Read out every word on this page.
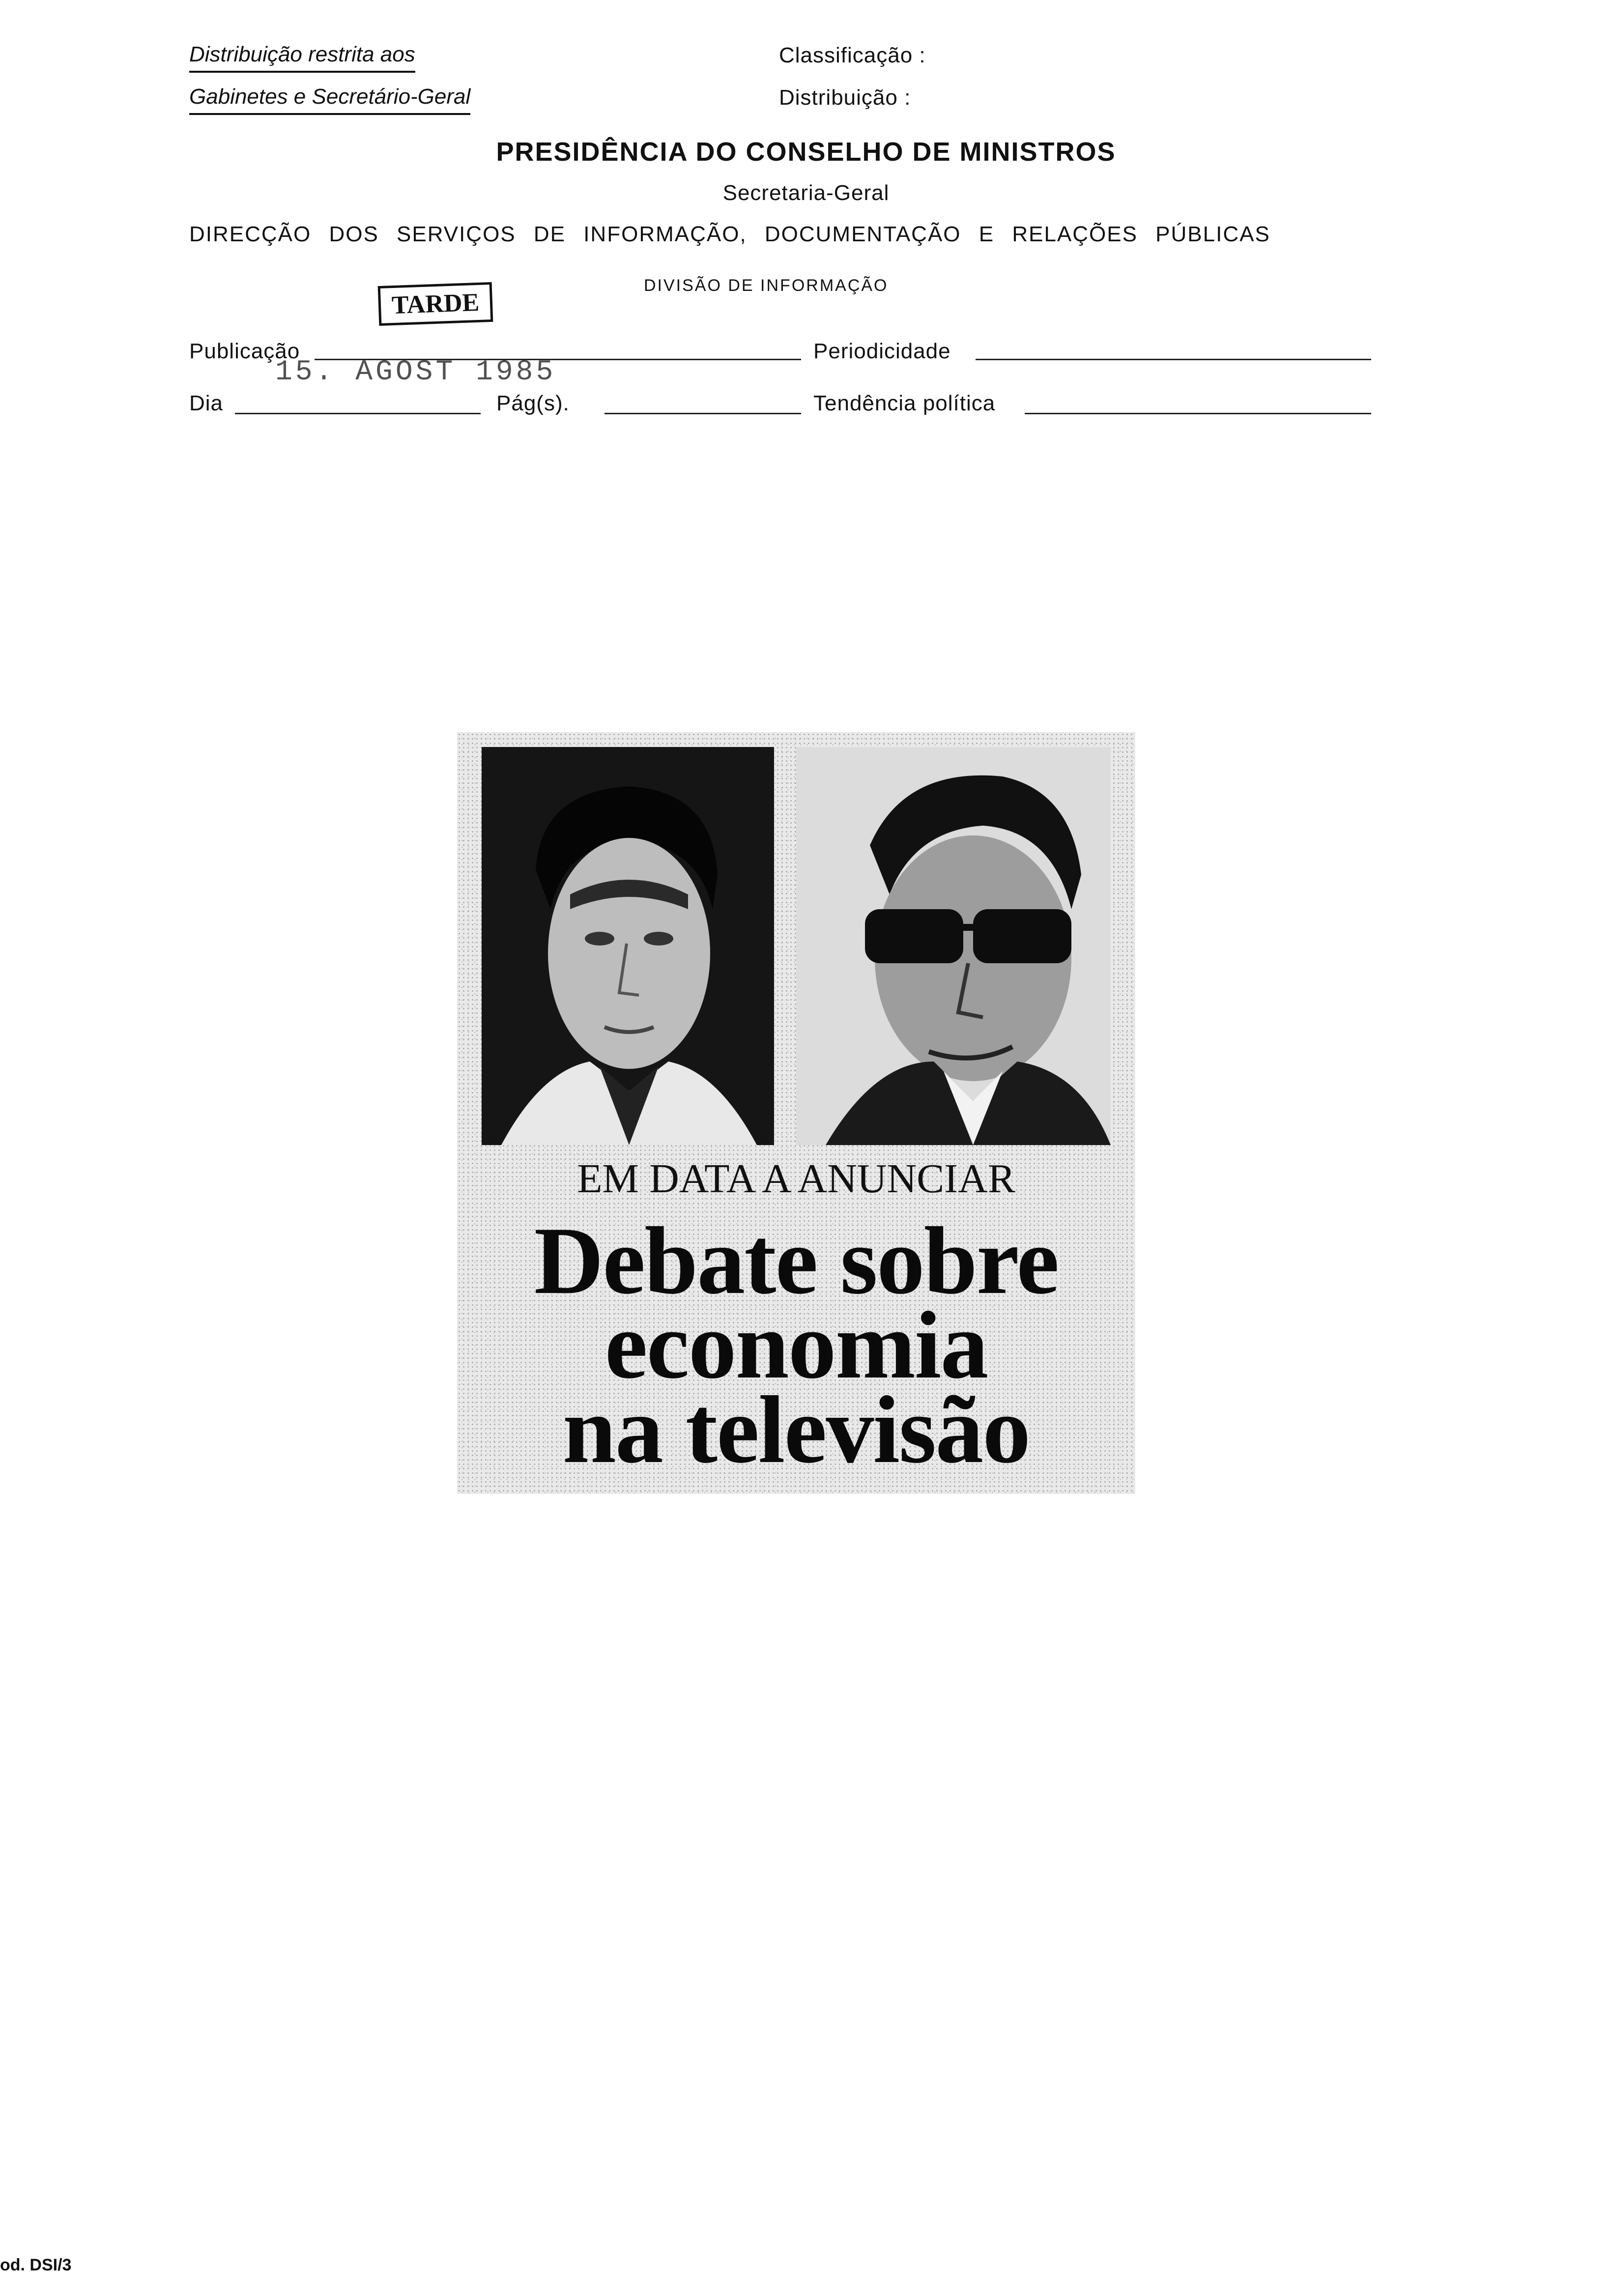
Distribuição restrita aos
Gabinetes e Secretário-Geral
Classificação :
Distribuição :
PRESIDÊNCIA DO CONSELHO DE MINISTROS
Secretaria-Geral
DIRECÇÃO DOS SERVIÇOS DE INFORMAÇÃO, DOCUMENTAÇÃO E RELAÇÕES PÚBLICAS
DIVISÃO DE INFORMAÇÃO
TARDE
15. AGOST 1985
Publicação	Periodicidade
Dia	Pág(s).	Tendência política
EM DATA A ANUNCIAR
Debate sobre
economia
na televisão
od. DSI/3
